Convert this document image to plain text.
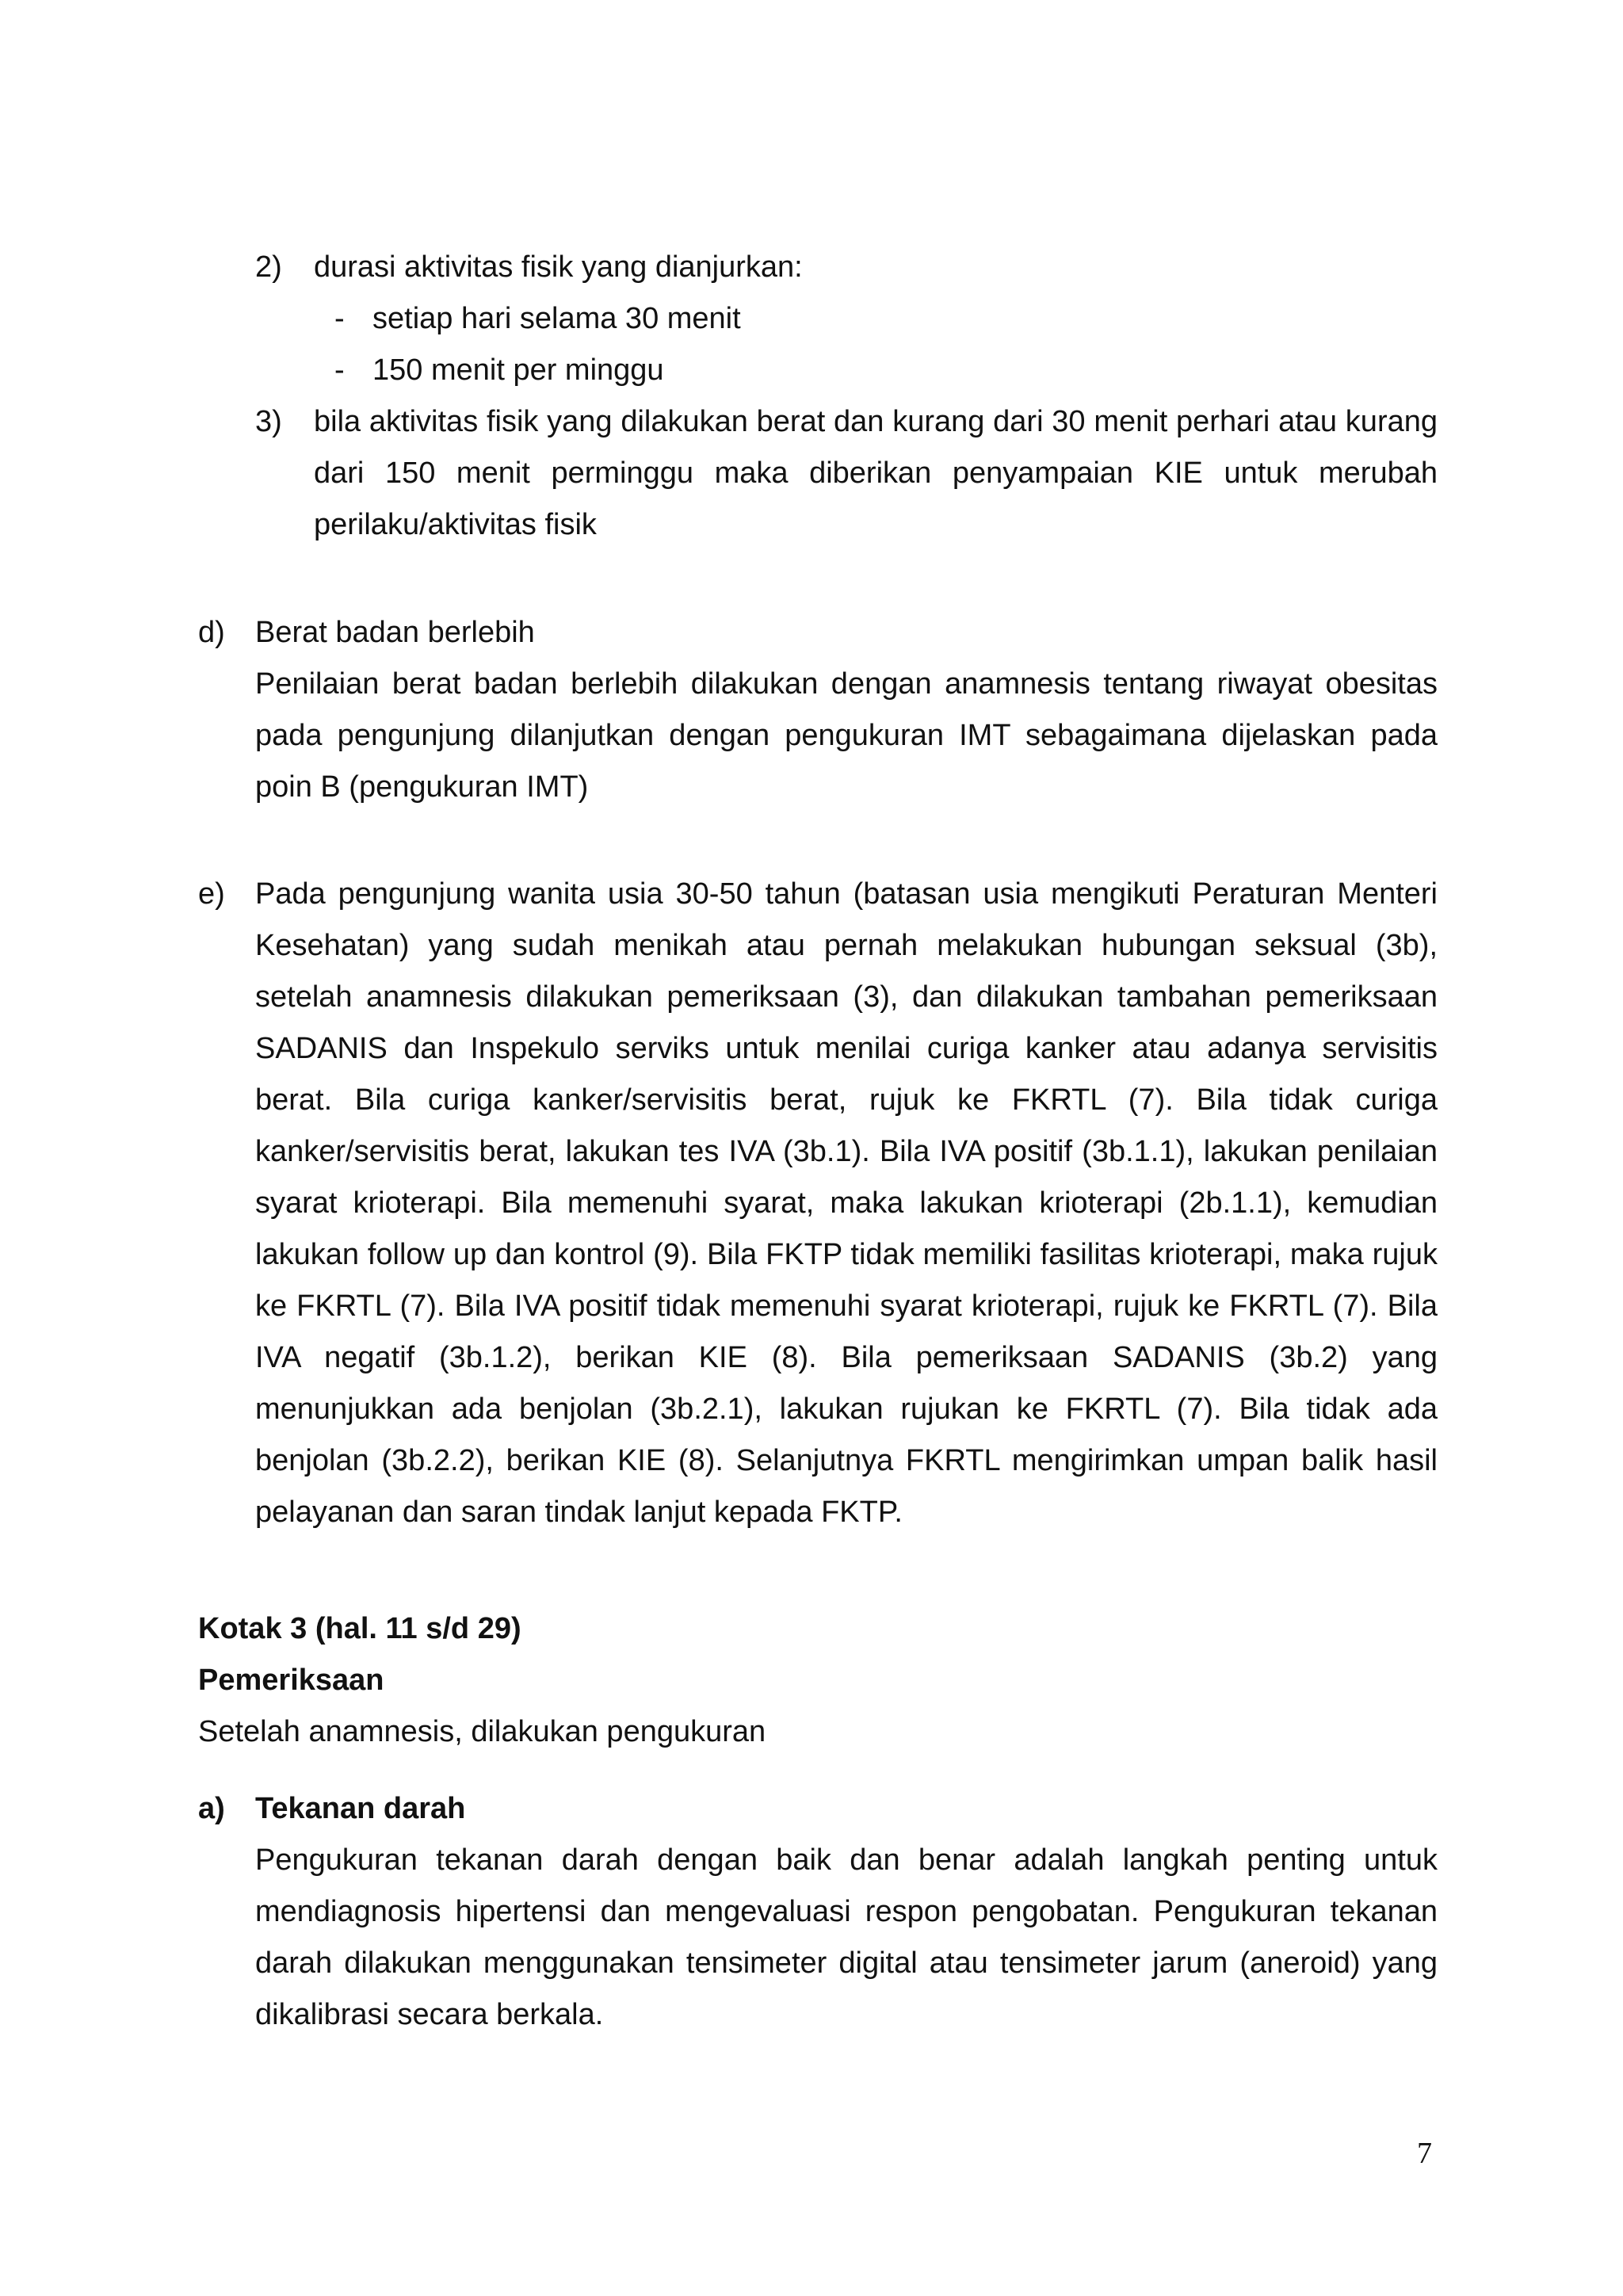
2) durasi aktivitas fisik yang dianjurkan:
- setiap hari selama 30 menit
- 150 menit per minggu
3) bila aktivitas fisik yang dilakukan berat dan kurang dari 30 menit perhari atau kurang dari 150 menit perminggu maka diberikan penyampaian KIE untuk merubah perilaku/aktivitas fisik
d) Berat badan berlebih
Penilaian berat badan berlebih dilakukan dengan anamnesis tentang riwayat obesitas pada pengunjung dilanjutkan dengan pengukuran IMT sebagaimana dijelaskan pada poin B (pengukuran IMT)
e) Pada pengunjung wanita usia 30-50 tahun (batasan usia mengikuti Peraturan Menteri Kesehatan) yang sudah menikah atau pernah melakukan hubungan seksual (3b), setelah anamnesis dilakukan pemeriksaan (3), dan dilakukan tambahan pemeriksaan SADANIS dan Inspekulo serviks untuk menilai curiga kanker atau adanya servisitis berat. Bila curiga kanker/servisitis berat, rujuk ke FKRTL (7). Bila tidak curiga kanker/servisitis berat, lakukan tes IVA (3b.1). Bila IVA positif (3b.1.1), lakukan penilaian syarat krioterapi. Bila memenuhi syarat, maka lakukan krioterapi (2b.1.1), kemudian lakukan follow up dan kontrol (9). Bila FKTP tidak memiliki fasilitas krioterapi, maka rujuk ke FKRTL (7). Bila IVA positif tidak memenuhi syarat krioterapi, rujuk ke FKRTL (7). Bila IVA negatif (3b.1.2), berikan KIE (8). Bila pemeriksaan SADANIS (3b.2) yang menunjukkan ada benjolan (3b.2.1), lakukan rujukan ke FKRTL (7). Bila tidak ada benjolan (3b.2.2), berikan KIE (8). Selanjutnya FKRTL mengirimkan umpan balik hasil pelayanan dan saran tindak lanjut kepada FKTP.
Kotak 3 (hal. 11 s/d 29)
Pemeriksaan
Setelah anamnesis, dilakukan pengukuran
a) Tekanan darah
Pengukuran tekanan darah dengan baik dan benar adalah langkah penting untuk mendiagnosis hipertensi dan mengevaluasi respon pengobatan. Pengukuran tekanan darah dilakukan menggunakan tensimeter digital atau tensimeter jarum (aneroid) yang dikalibrasi secara berkala.
7
